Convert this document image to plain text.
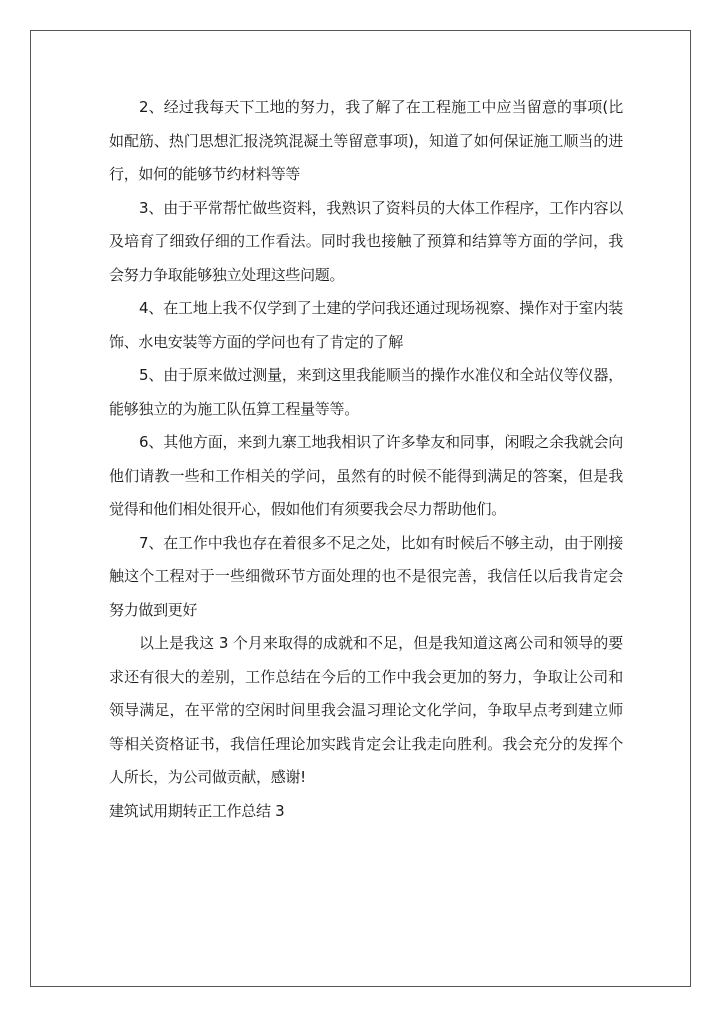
2、经过我每天下工地的努力，我了解了在工程施工中应当留意的事项(比如配筋、热门思想汇报浇筑混凝土等留意事项)，知道了如何保证施工顺当的进行，如何的能够节约材料等等

3、由于平常帮忙做些资料，我熟识了资料员的大体工作程序，工作内容以及培育了细致仔细的工作看法。同时我也接触了预算和结算等方面的学问，我会努力争取能够独立处理这些问题。

4、在工地上我不仅学到了土建的学问我还通过现场视察、操作对于室内装饰、水电安装等方面的学问也有了肯定的了解

5、由于原来做过测量，来到这里我能顺当的操作水准仪和全站仪等仪器，能够独立的为施工队伍算工程量等等。

6、其他方面，来到九寨工地我相识了许多挚友和同事，闲暇之余我就会向他们请教一些和工作相关的学问，虽然有的时候不能得到满足的答案，但是我觉得和他们相处很开心，假如他们有须要我会尽力帮助他们。

7、在工作中我也存在着很多不足之处，比如有时候后不够主动，由于刚接触这个工程对于一些细微环节方面处理的也不是很完善，我信任以后我肯定会努力做到更好

以上是我这 3 个月来取得的成就和不足，但是我知道这离公司和领导的要求还有很大的差别，工作总结在今后的工作中我会更加的努力，争取让公司和领导满足，在平常的空闲时间里我会温习理论文化学问，争取早点考到建立师等相关资格证书，我信任理论加实践肯定会让我走向胜利。我会充分的发挥个人所长，为公司做贡献，感谢!

建筑试用期转正工作总结 3
